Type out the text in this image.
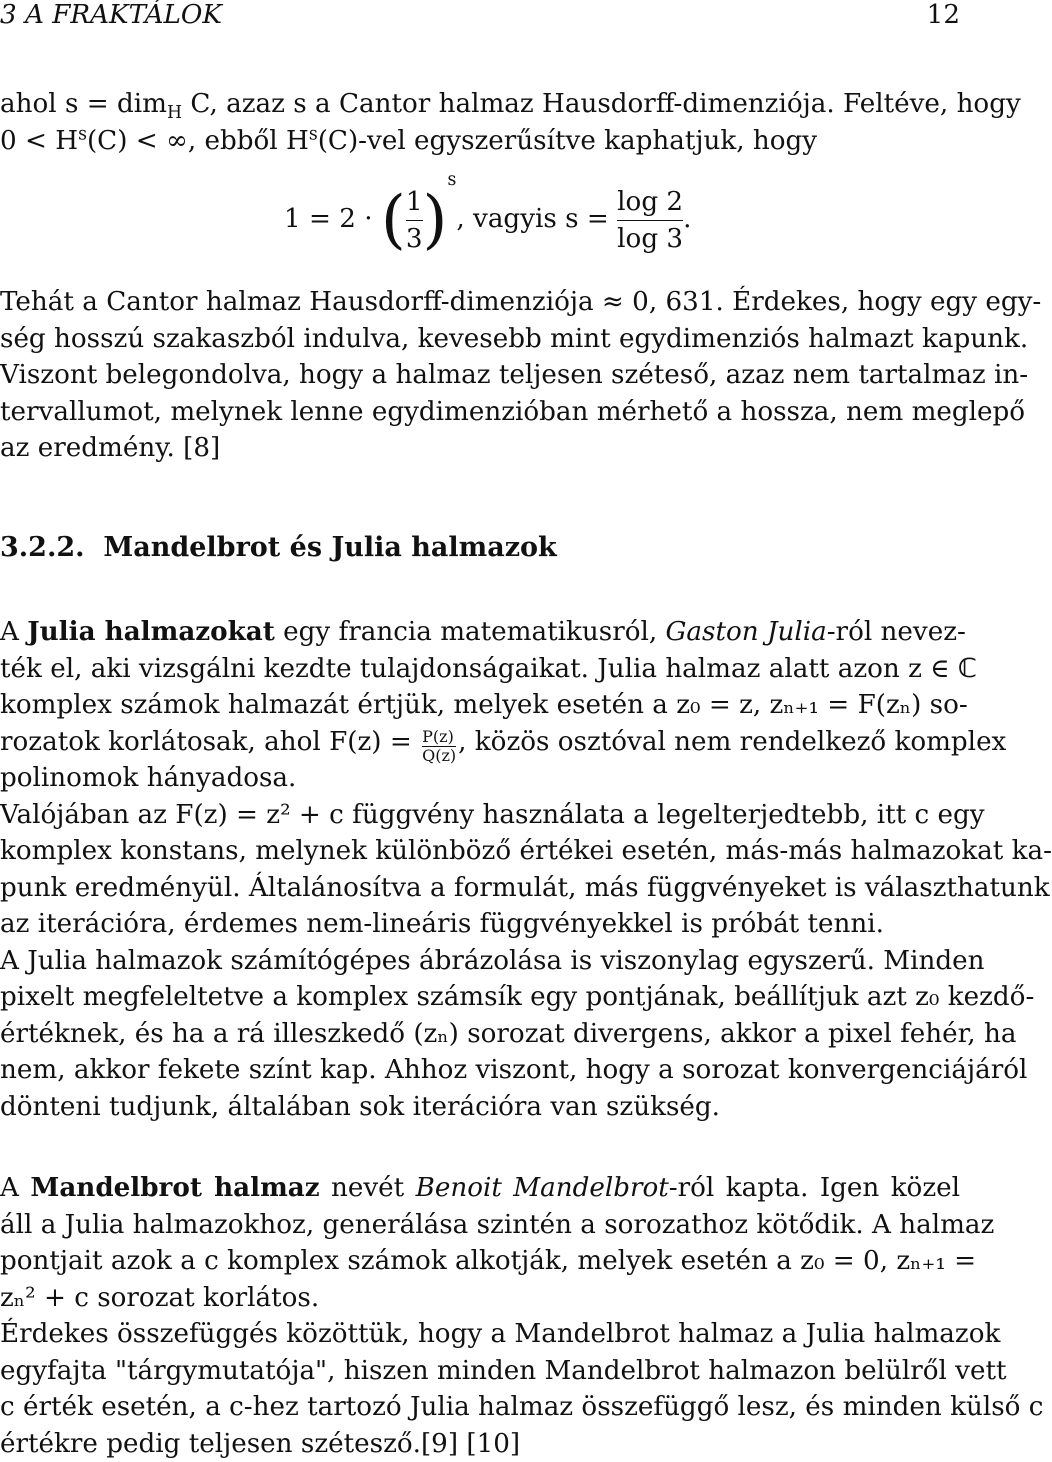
3 A FRAKTÁLOK	12
ahol s = dim$_H$ C, azaz s a Cantor halmaz Hausdorff-dimenziója. Feltéve, hogy
$0 < H^s(C)$ < ∞, ebből $H^s(C)$-vel egyszerűsítve kaphatjuk, hogy
1 = 2 · ( $\frac{1}{3} )^s$, vagyis $s = \frac{\log 2}{\log 3}$ .
Tehát a Cantor halmaz Hausdorff-dimenziója ≈ 0, 631. Érdekes, hogy egy egy-
ség hosszú szakaszból indulva, kevesebb mint egydimenziós halmazt kapunk.
Viszont belegondolva, hogy a halmaz teljesen széteső, azaz nem tartalmaz in-
tervallumot, melynek lenne egydimenzióban mérhető a hossza, nem meglepő
az eredmény. [8]
3.2.2.  Mandelbrot és Julia halmazok
A Julia halmazokat egy francia matematikusról, Gaston Julia-ról nevez-
ték el, aki vizsgálni kezdte tulajdonságaikat. Julia halmaz alatt azon z ∈ ℂ
komplex számok halmazát értjük, melyek esetén a z₀ = z, zₙ₊₁ = F(zₙ) so-
rozatok korlátosak, ahol $F(z) = \frac{P(z)}{Q(z)}$, közös osztóval nem rendelkező komplex
polinomok hányadosa.
Valójában az F(z) = z² + c függvény használata a legelterjedtebb, itt c egy
komplex konstans, melynek különböző értékei esetén, más-más halmazokat ka-
punk eredményül. Általánosítva a formulát, más függvényeket is választhatunk
az iterációra, érdemes nem-lineáris függvényekkel is próbát tenni.
A Julia halmazok számítógépes ábrázolása is viszonylag egyszerű. Minden
pixelt megfeleltetve a komplex számsík egy pontjának, beállítjuk azt z₀ kezdő-
értéknek, és ha a rá illeszkedő (zₙ) sorozat divergens, akkor a pixel fehér, ha
nem, akkor fekete színt kap. Ahhoz viszont, hogy a sorozat konvergenciájáról
dönteni tudjunk, általában sok iterációra van szükség.
A Mandelbrot halmaz nevét Benoit Mandelbrot-ról kapta. Igen közel
áll a Julia halmazokhoz, generálása szintén a sorozathoz kötődik. A halmaz
pontjait azok a c komplex számok alkotják, melyek esetén a z₀ = 0, zₙ₊₁ =
zₙ² + c sorozat korlátos.
Érdekes összefüggés közöttük, hogy a Mandelbrot halmaz a Julia halmazok
egyfajta "tárgymutatója", hiszen minden Mandelbrot halmazon belülről vett
c érték esetén, a c-hez tartozó Julia halmaz összefüggő lesz, és minden külső c
értékre pedig teljesen szétesző.[9] [10]
